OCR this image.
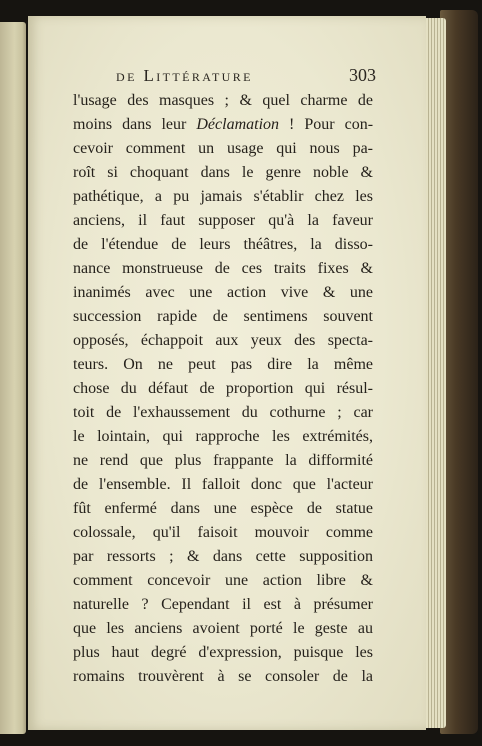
de Littérature	303
l'usage des masques ; & quel charme de
moins dans leur Déclamation ! Pour con-
cevoir comment un usage qui nous pa-
roît si choquant dans le genre noble &
pathétique, a pu jamais s'établir chez les
anciens, il faut supposer qu'à la faveur
de l'étendue de leurs théâtres, la disso-
nance monstrueuse de ces traits fixes &
inanimés avec une action vive & une
succession rapide de sentimens souvent
opposés, échappoit aux yeux des specta-
teurs. On ne peut pas dire la même
chose du défaut de proportion qui résul-
toit de l'exhaussement du cothurne ; car
le lointain, qui rapproche les extrémités,
ne rend que plus frappante la difformité
de l'ensemble. Il falloit donc que l'acteur
fût enfermé dans une espèce de statue
colossale, qu'il faisoit mouvoir comme
par ressorts ; & dans cette supposition
comment concevoir une action libre &
naturelle ? Cependant il est à présumer
que les anciens avoient porté le geste au
plus haut degré d'expression, puisque les
romains trouvèrent à se consoler de la
